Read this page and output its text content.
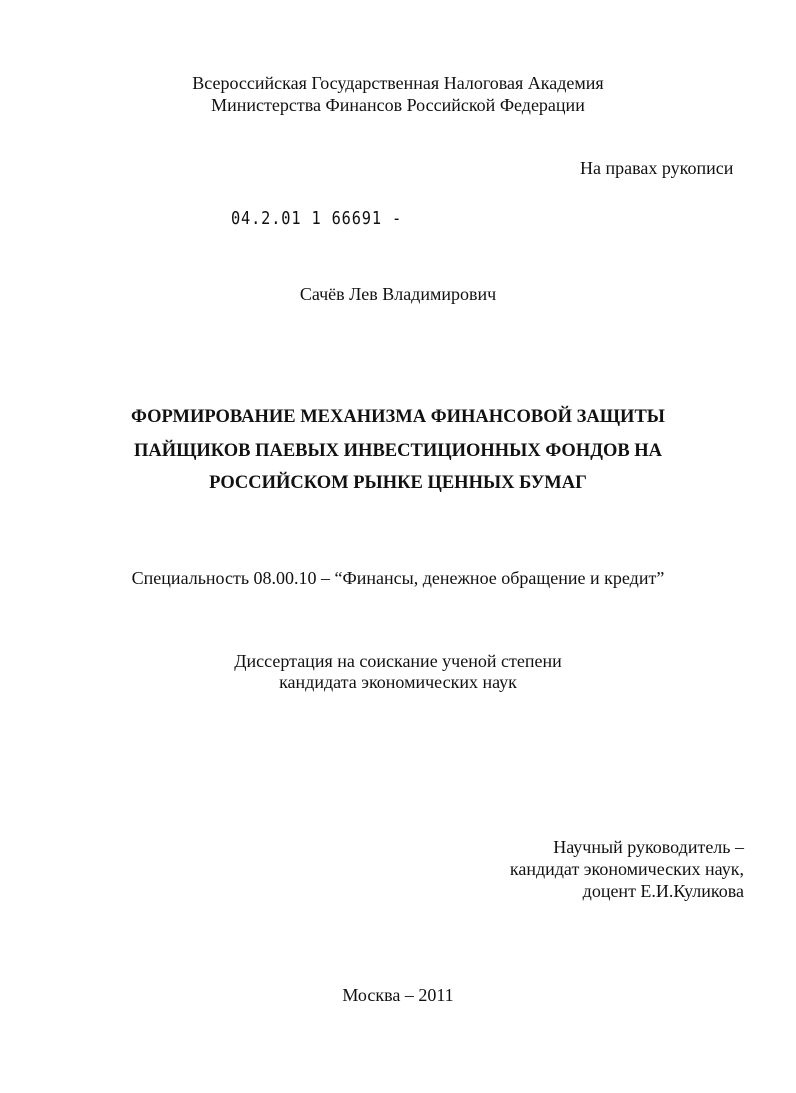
Всероссийская Государственная Налоговая Академия
Министерства Финансов Российской Федерации
На правах рукописи
04.2.01 1 66691 -
Сачёв Лев Владимирович
ФОРМИРОВАНИЕ МЕХАНИЗМА ФИНАНСОВОЙ ЗАЩИТЫ
ПАЙЩИКОВ ПАЕВЫХ ИНВЕСТИЦИОННЫХ ФОНДОВ НА
РОССИЙСКОМ РЫНКЕ ЦЕННЫХ БУМАГ
Специальность 08.00.10 – “Финансы, денежное обращение и кредит”
Диссертация на соискание ученой степени
кандидата экономических наук
Научный руководитель –
кандидат экономических наук,
доцент Е.И.Куликова
Москва – 2011
